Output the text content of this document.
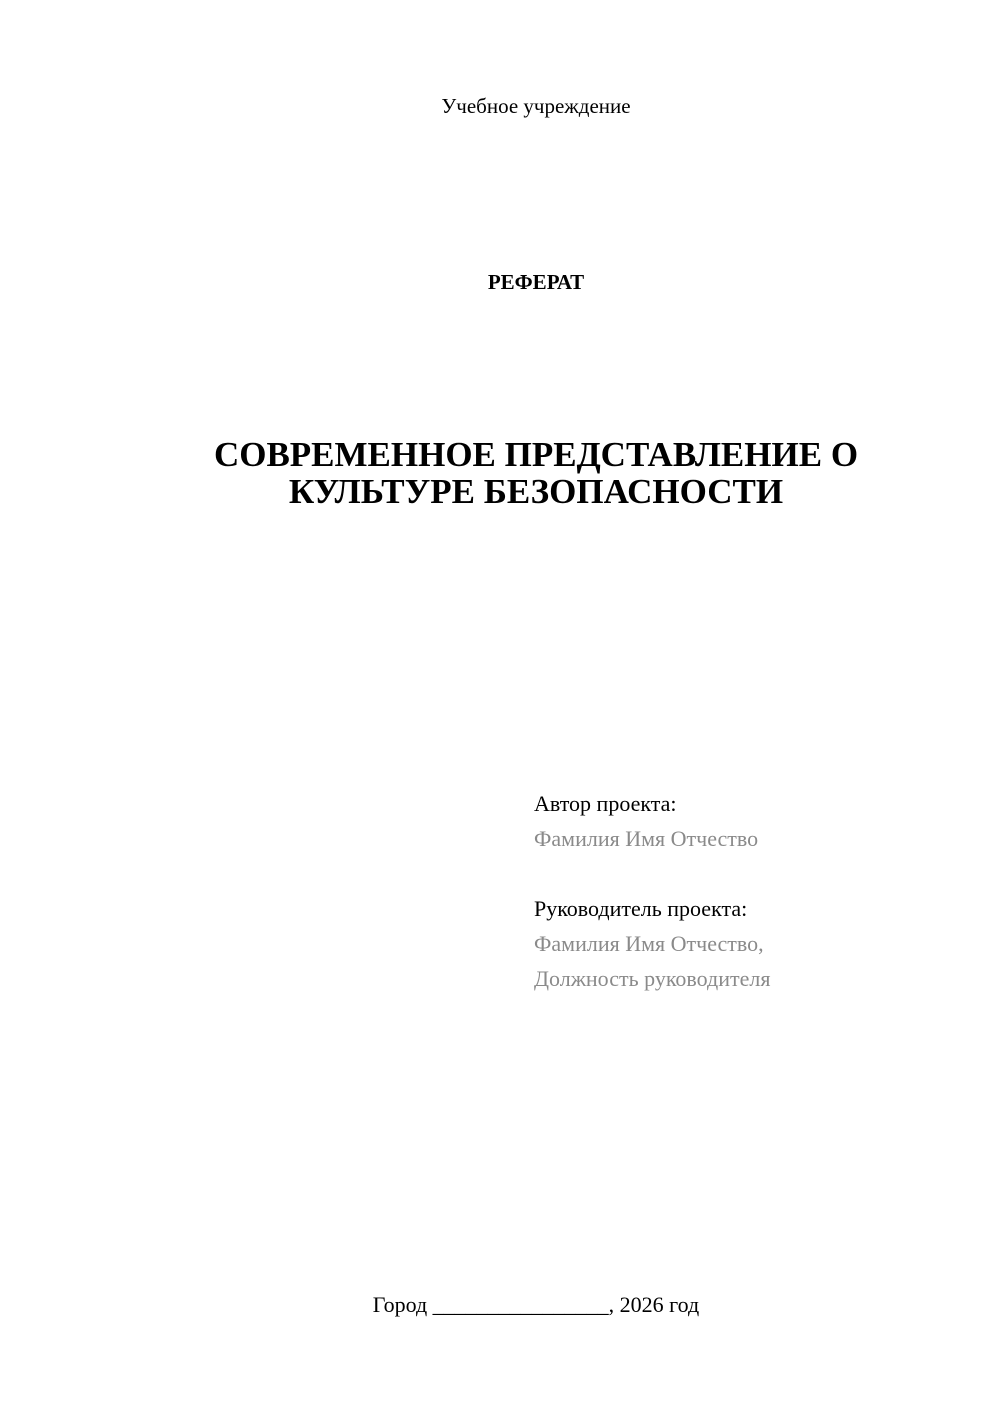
Учебное учреждение
РЕФЕРАТ
СОВРЕМЕННОЕ ПРЕДСТАВЛЕНИЕ О
КУЛЬТУРЕ БЕЗОПАСНОСТИ
Автор проекта:
Фамилия Имя Отчество
Руководитель проекта:
Фамилия Имя Отчество,
Должность руководителя
Город ________________, 2026 год
